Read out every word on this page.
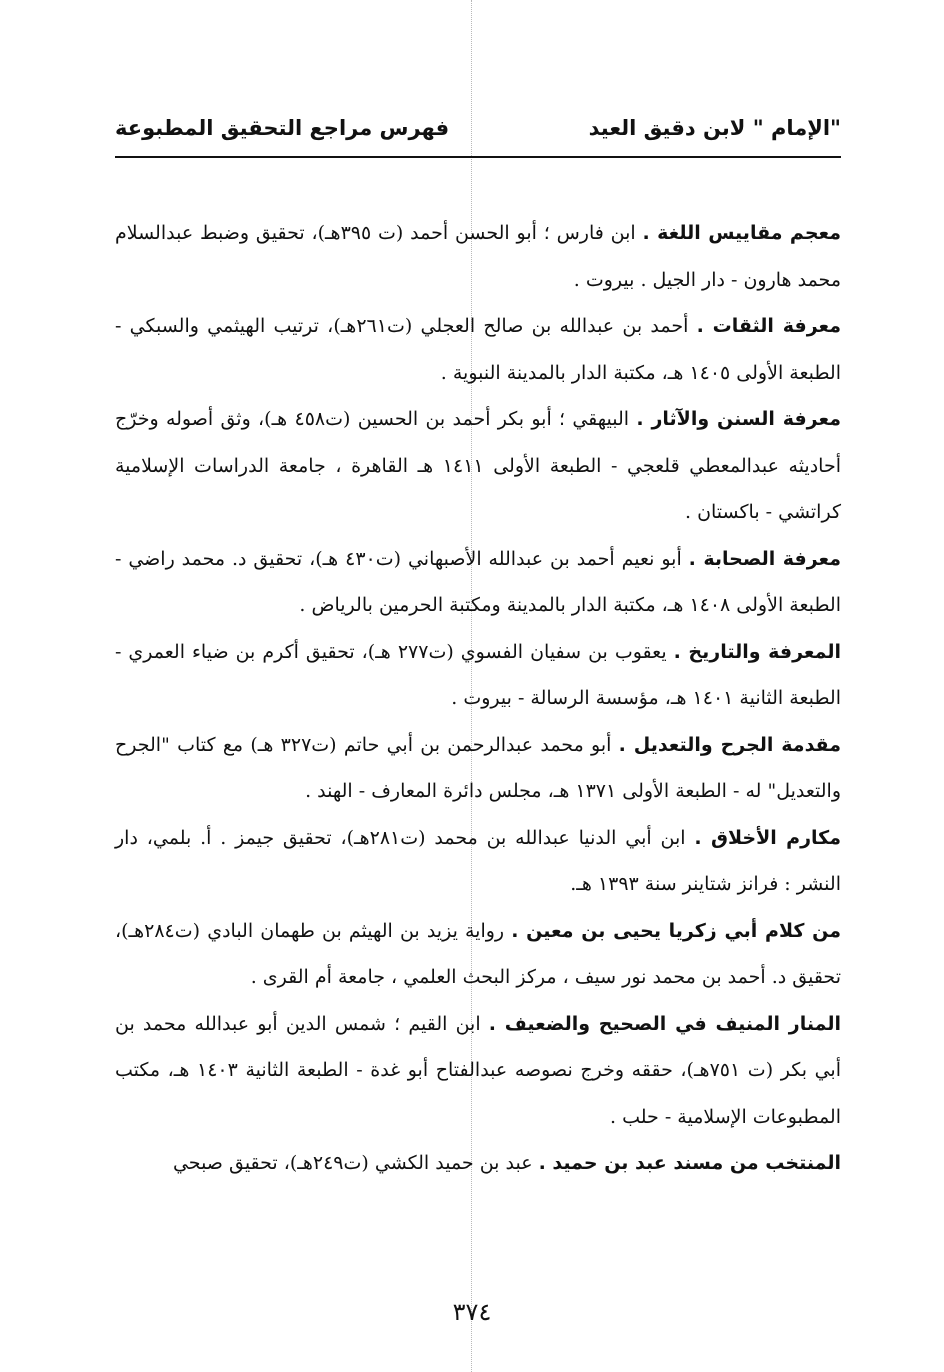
"الإمام " لابن دقيق العيد
فهرس مراجع التحقيق المطبوعة

معجم مقاييس اللغة . ابن فارس ؛ أبو الحسن أحمد (ت ٣٩٥هـ)، تحقيق وضبط عبدالسلام محمد هارون - دار الجيل . بيروت .

معرفة الثقات . أحمد بن عبدالله بن صالح العجلي (ت٢٦١هـ)، ترتيب الهيثمي والسبكي - الطبعة الأولى ١٤٠٥ هـ، مكتبة الدار بالمدينة النبوية .

معرفة السنن والآثار . البيهقي ؛ أبو بكر أحمد بن الحسين (ت٤٥٨ هـ)، وثق أصوله وخرّج أحاديثه عبدالمعطي قلعجي - الطبعة الأولى ١٤١١ هـ القاهرة ، جامعة الدراسات الإسلامية كراتشي - باكستان .

معرفة الصحابة . أبو نعيم أحمد بن عبدالله الأصبهاني (ت٤٣٠ هـ)، تحقيق د. محمد راضي - الطبعة الأولى ١٤٠٨ هـ، مكتبة الدار بالمدينة ومكتبة الحرمين بالرياض .

المعرفة والتاريخ . يعقوب بن سفيان الفسوي (ت٢٧٧ هـ)، تحقيق أكرم بن ضياء العمري - الطبعة الثانية ١٤٠١ هـ، مؤسسة الرسالة - بيروت .

مقدمة الجرح والتعديل . أبو محمد عبدالرحمن بن أبي حاتم (ت٣٢٧ هـ) مع كتاب "الجرح والتعديل" له - الطبعة الأولى ١٣٧١ هـ، مجلس دائرة المعارف - الهند .

مكارم الأخلاق . ابن أبي الدنيا عبدالله بن محمد (ت٢٨١هـ)، تحقيق جيمز . أ. بلمي، دار النشر : فرانز شتاينر سنة ١٣٩٣ هـ.

من كلام أبي زكريا يحيى بن معين . رواية يزيد بن الهيثم بن طهمان البادي (ت٢٨٤هـ)، تحقيق د. أحمد بن محمد نور سيف ، مركز البحث العلمي ، جامعة أم القرى .

المنار المنيف في الصحيح والضعيف . ابن القيم ؛ شمس الدين أبو عبدالله محمد بن أبي بكر (ت ٧٥١هـ)، حققه وخرج نصوصه عبدالفتاح أبو غدة - الطبعة الثانية ١٤٠٣ هـ، مكتب المطبوعات الإسلامية - حلب .

المنتخب من مسند عبد بن حميد . عبد بن حميد الكشي (ت٢٤٩هـ)، تحقيق صبحي

٣٧٤
